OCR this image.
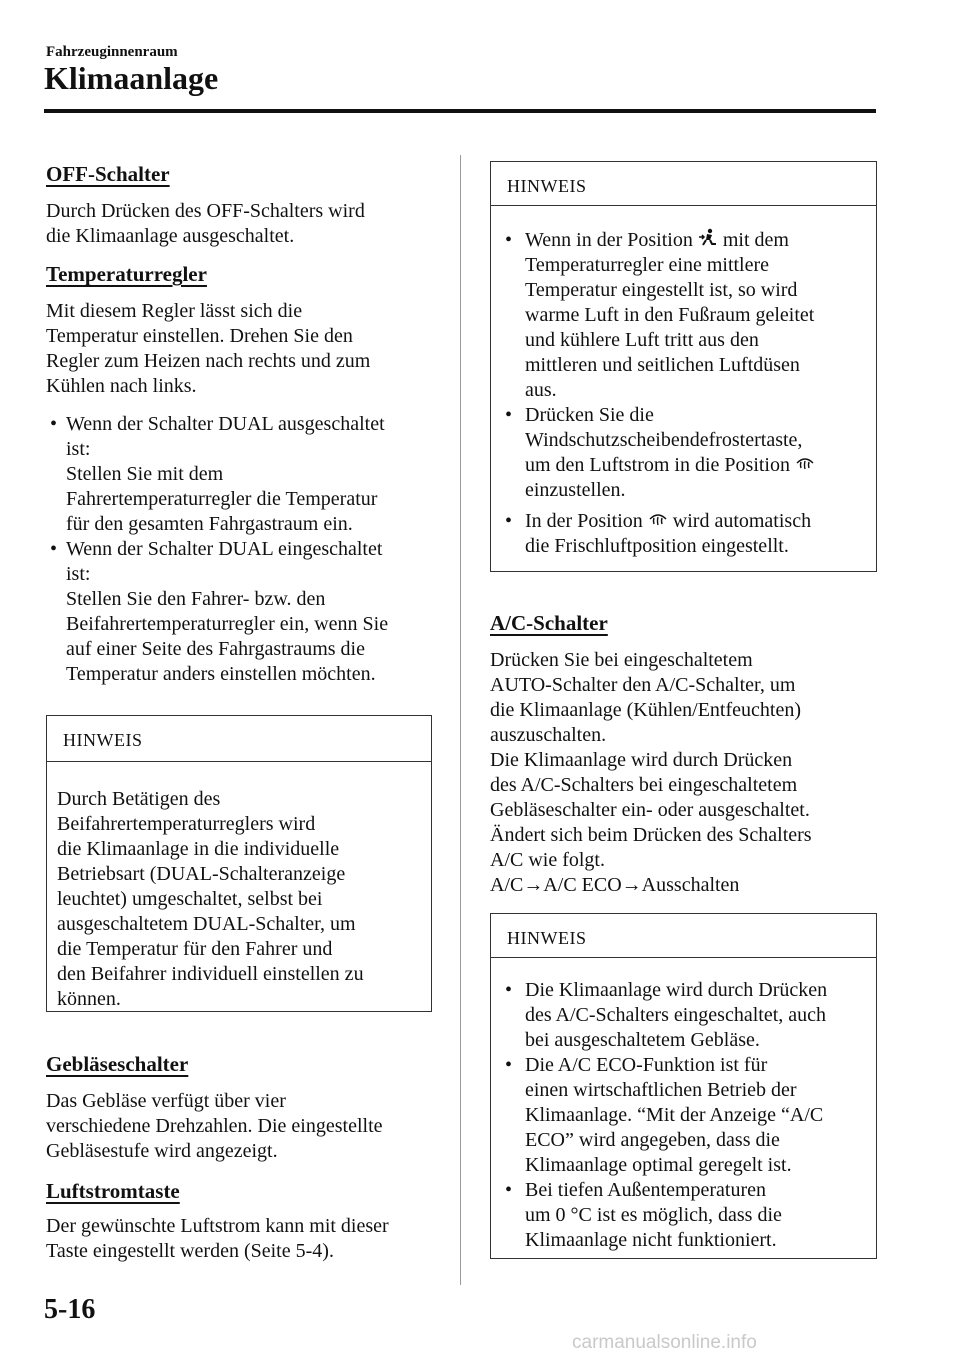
Fahrzeuginnenraum
Klimaanlage
OFF-Schalter
Durch Drücken des OFF-Schalters wird
die Klimaanlage ausgeschaltet.
Temperaturregler
Mit diesem Regler lässt sich die
Temperatur einstellen. Drehen Sie den
Regler zum Heizen nach rechts und zum
Kühlen nach links.
• Wenn der Schalter DUAL ausgeschaltet
ist:
Stellen Sie mit dem
Fahrertemperaturregler die Temperatur
für den gesamten Fahrgastraum ein.
• Wenn der Schalter DUAL eingeschaltet
ist:
Stellen Sie den Fahrer- bzw. den
Beifahrertemperaturregler ein, wenn Sie
auf einer Seite des Fahrgastraums die
Temperatur anders einstellen möchten.
HINWEIS
Durch Betätigen des
Beifahrertemperaturreglers wird
die Klimaanlage in die individuelle
Betriebsart (DUAL-Schalteranzeige
leuchtet) umgeschaltet, selbst bei
ausgeschaltetem DUAL-Schalter, um
die Temperatur für den Fahrer und
den Beifahrer individuell einstellen zu
können.
Gebläseschalter
Das Gebläse verfügt über vier
verschiedene Drehzahlen. Die eingestellte
Gebläsestufe wird angezeigt.
Luftstromtaste
Der gewünschte Luftstrom kann mit dieser
Taste eingestellt werden (Seite 5-4).
HINWEIS
• Wenn in der Position mit dem
Temperaturregler eine mittlere
Temperatur eingestellt ist, so wird
warme Luft in den Fußraum geleitet
und kühlere Luft tritt aus den
mittleren und seitlichen Luftdüsen
aus.
• Drücken Sie die
Windschutzscheibendefrostertaste,
um den Luftstrom in die Position
einzustellen.
• In der Position wird automatisch
die Frischluftposition eingestellt.
A/C-Schalter
Drücken Sie bei eingeschaltetem
AUTO-Schalter den A/C-Schalter, um
die Klimaanlage (Kühlen/Entfeuchten)
auszuschalten.
Die Klimaanlage wird durch Drücken
des A/C-Schalters bei eingeschaltetem
Gebläseschalter ein- oder ausgeschaltet.
Ändert sich beim Drücken des Schalters
A/C wie folgt.
A/C→A/C ECO→Ausschalten
HINWEIS
• Die Klimaanlage wird durch Drücken
des A/C-Schalters eingeschaltet, auch
bei ausgeschaltetem Gebläse.
• Die A/C ECO-Funktion ist für
einen wirtschaftlichen Betrieb der
Klimaanlage. “Mit der Anzeige “A/C
ECO” wird angegeben, dass die
Klimaanlage optimal geregelt ist.
• Bei tiefen Außentemperaturen
um 0 °C ist es möglich, dass die
Klimaanlage nicht funktioniert.
5-16
carmanualsonline.info
